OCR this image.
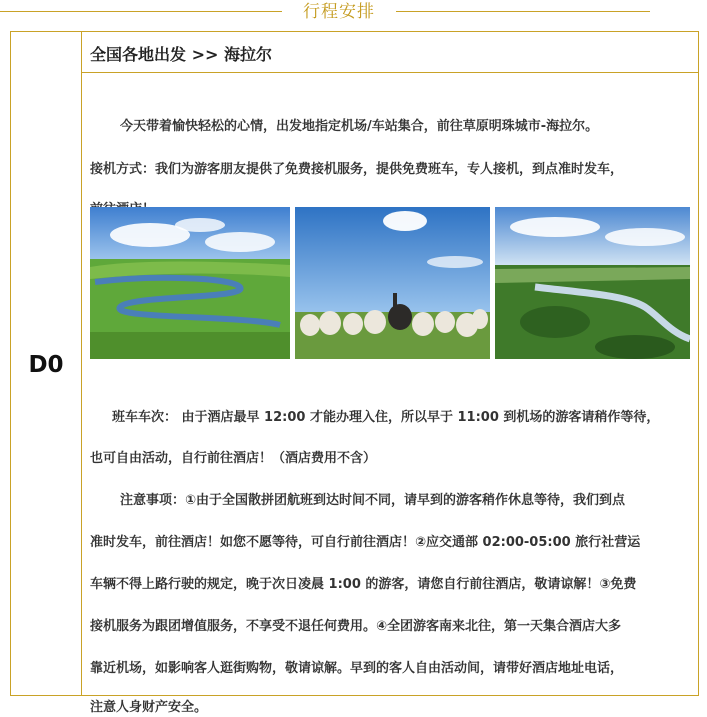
行程安排
D0
全国各地出发 >> 海拉尔
今天带着愉快轻松的心情，出发地指定机场/车站集合，前往草原明珠城市-海拉尔。
接机方式：我们为游客朋友提供了免费接机服务，提供免费班车，专人接机，到点准时发车，
班车车次： 由于酒店最早 12:00 才能办理入住，所以早于 11:00 到机场的游客请稍作等待，
也可自由活动，自行前往酒店！（酒店费用不含）
注意事项：①由于全国散拼团航班到达时间不同，请早到的游客稍作休息等待，我们到点
准时发车，前往酒店！如您不愿等待，可自行前往酒店！②应交通部 02:00-05:00 旅行社营运
车辆不得上路行驶的规定，晚于次日凌晨 1:00 的游客，请您自行前往酒店，敬请谅解！③免费
接机服务为跟团增值服务，不享受不退任何费用。④全团游客南来北往，第一天集合酒店大多
靠近机场，如影响客人逛街购物，敬请谅解。早到的客人自由活动间，请带好酒店地址电话，
注意人身财产安全。
